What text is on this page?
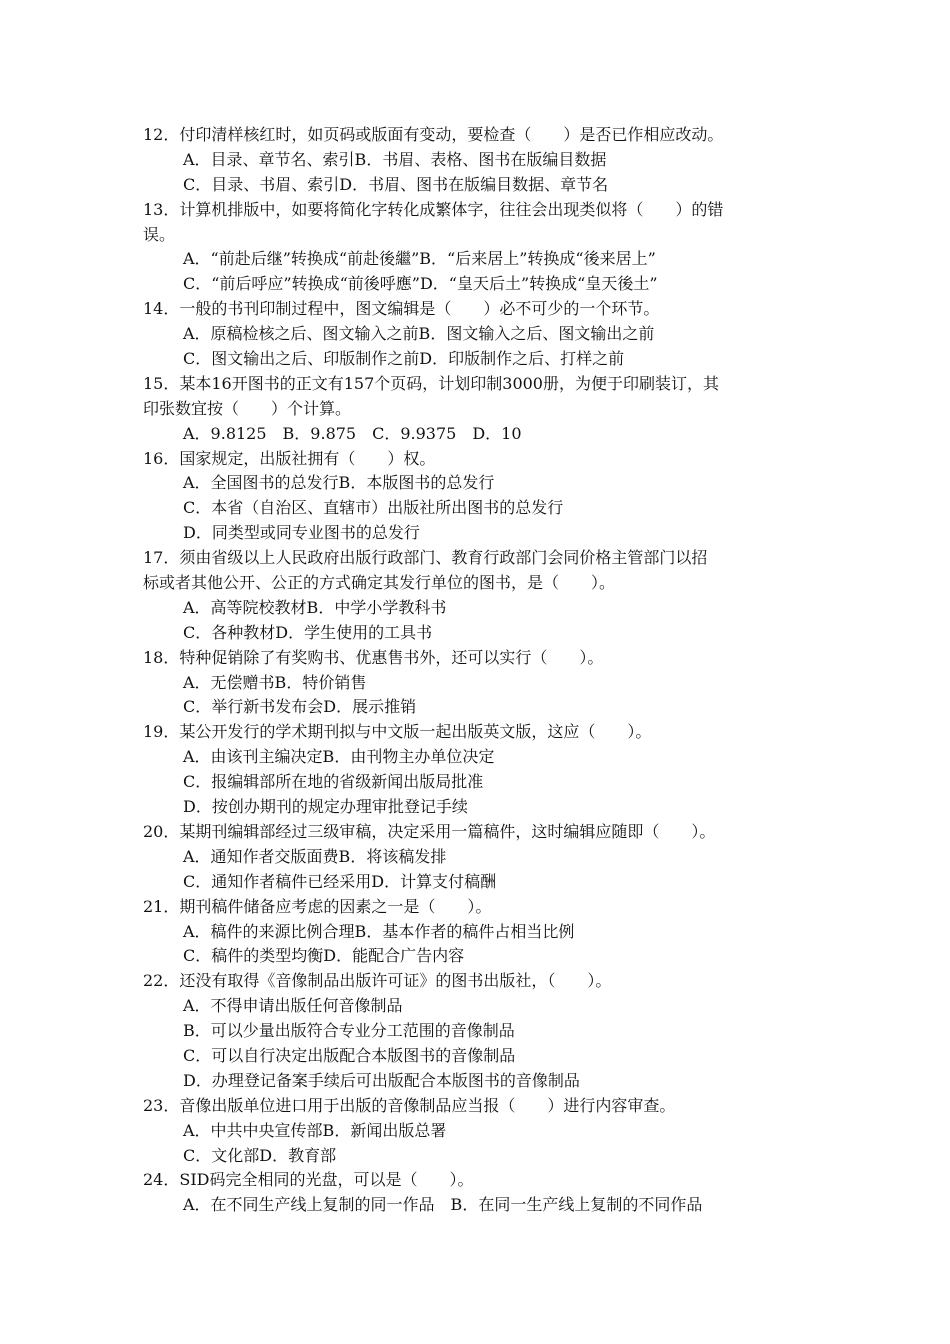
12．付印清样核红时，如页码或版面有变动，要检查（　　）是否已作相应改动。
A．目录、章节名、索引B．书眉、表格、图书在版编目数据
C．目录、书眉、索引D．书眉、图书在版编目数据、章节名
13．计算机排版中，如要将简化字转化成繁体字，往往会出现类似将（　　）的错
误。
A．“前赴后继”转换成“前赴後繼”B．“后来居上”转换成“後来居上”
C．“前后呼应”转换成“前後呼應”D．“皇天后土”转换成“皇天後土”
14．一般的书刊印制过程中，图文编辑是（　　）必不可少的一个环节。
A．原稿检核之后、图文输入之前B．图文输入之后、图文输出之前
C．图文输出之后、印版制作之前D．印版制作之后、打样之前
15．某本16开图书的正文有157个页码，计划印制3000册，为便于印刷装订，其
印张数宜按（　　）个计算。
A．9.8125　B．9.875　C．9.9375　D．10
16．国家规定，出版社拥有（　　）权。
A．全国图书的总发行B．本版图书的总发行
C．本省（自治区、直辖市）出版社所出图书的总发行
D．同类型或同专业图书的总发行
17．须由省级以上人民政府出版行政部门、教育行政部门会同价格主管部门以招
标或者其他公开、公正的方式确定其发行单位的图书，是（　　）。
A．高等院校教材B．中学小学教科书
C．各种教材D．学生使用的工具书
18．特种促销除了有奖购书、优惠售书外，还可以实行（　　）。
A．无偿赠书B．特价销售
C．举行新书发布会D．展示推销
19．某公开发行的学术期刊拟与中文版一起出版英文版，这应（　　）。
A．由该刊主编决定B．由刊物主办单位决定
C．报编辑部所在地的省级新闻出版局批准
D．按创办期刊的规定办理审批登记手续
20．某期刊编辑部经过三级审稿，决定采用一篇稿件，这时编辑应随即（　　）。
A．通知作者交版面费B．将该稿发排
C．通知作者稿件已经采用D．计算支付稿酬
21．期刊稿件储备应考虑的因素之一是（　　）。
A．稿件的来源比例合理B．基本作者的稿件占相当比例
C．稿件的类型均衡D．能配合广告内容
22．还没有取得《音像制品出版许可证》的图书出版社，（　　）。
A．不得申请出版任何音像制品
B．可以少量出版符合专业分工范围的音像制品
C．可以自行决定出版配合本版图书的音像制品
D．办理登记备案手续后可出版配合本版图书的音像制品
23．音像出版单位进口用于出版的音像制品应当报（　　）进行内容审查。
A．中共中央宣传部B．新闻出版总署
C．文化部D．教育部
24．SID码完全相同的光盘，可以是（　　）。
A．在不同生产线上复制的同一作品　B．在同一生产线上复制的不同作品
